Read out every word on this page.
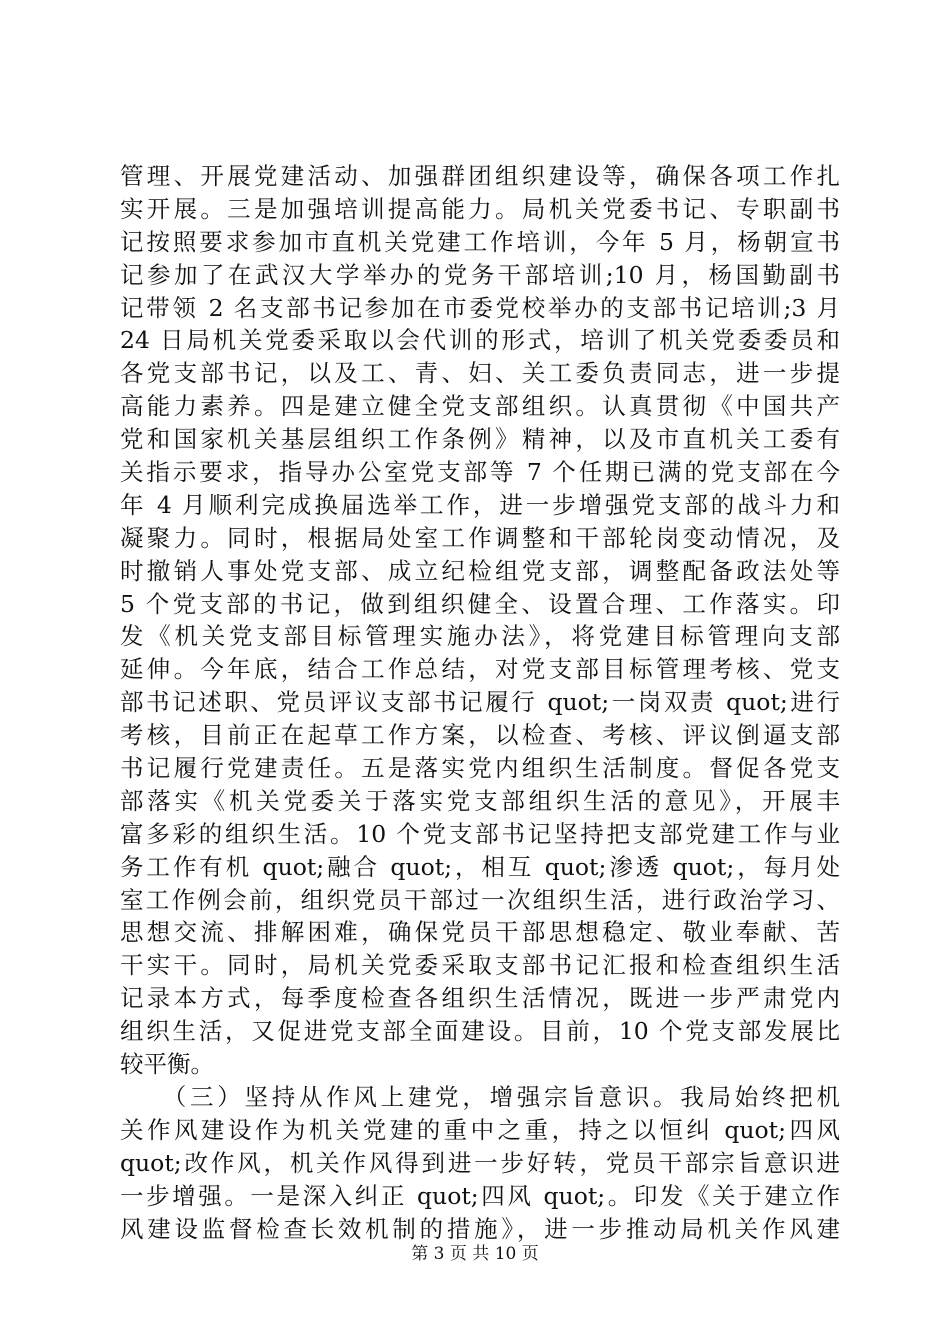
管理、开展党建活动、加强群团组织建设等，确保各项工作扎
实开展。三是加强培训提高能力。局机关党委书记、专职副书
记按照要求参加市直机关党建工作培训，今年 5 月，杨朝宣书
记参加了在武汉大学举办的党务干部培训;10 月，杨国勤副书
记带领 2 名支部书记参加在市委党校举办的支部书记培训;3 月
24 日局机关党委采取以会代训的形式，培训了机关党委委员和
各党支部书记，以及工、青、妇、关工委负责同志，进一步提
高能力素养。四是建立健全党支部组织。认真贯彻《中国共产
党和国家机关基层组织工作条例》精神，以及市直机关工委有
关指示要求，指导办公室党支部等 7 个任期已满的党支部在今
年 4 月顺利完成换届选举工作，进一步增强党支部的战斗力和
凝聚力。同时，根据局处室工作调整和干部轮岗变动情况，及
时撤销人事处党支部、成立纪检组党支部，调整配备政法处等
5 个党支部的书记，做到组织健全、设置合理、工作落实。印
发《机关党支部目标管理实施办法》，将党建目标管理向支部
延伸。今年底，结合工作总结，对党支部目标管理考核、党支
部书记述职、党员评议支部书记履行 quot;一岗双责 quot;进行
考核，目前正在起草工作方案，以检查、考核、评议倒逼支部
书记履行党建责任。五是落实党内组织生活制度。督促各党支
部落实《机关党委关于落实党支部组织生活的意见》，开展丰
富多彩的组织生活。10 个党支部书记坚持把支部党建工作与业
务工作有机 quot;融合 quot;，相互 quot;渗透 quot;，每月处
室工作例会前，组织党员干部过一次组织生活，进行政治学习、
思想交流、排解困难，确保党员干部思想稳定、敬业奉献、苦
干实干。同时，局机关党委采取支部书记汇报和检查组织生活
记录本方式，每季度检查各组织生活情况，既进一步严肃党内
组织生活，又促进党支部全面建设。目前，10 个党支部发展比
较平衡。
　　（三）坚持从作风上建党，增强宗旨意识。我局始终把机
关作风建设作为机关党建的重中之重，持之以恒纠 quot;四风
quot;改作风，机关作风得到进一步好转，党员干部宗旨意识进
一步增强。一是深入纠正 quot;四风 quot;。印发《关于建立作
风建设监督检查长效机制的措施》，进一步推动局机关作风建
第 3 页 共 10 页
